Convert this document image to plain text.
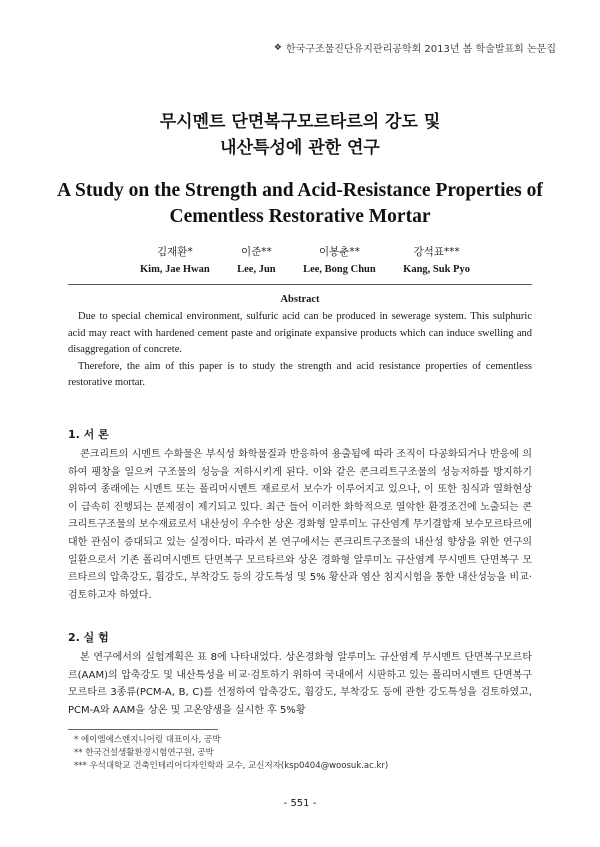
❖ 한국구조물진단유지관리공학회 2013년 봄 학술발표회 논문집
무시멘트 단면복구모르타르의 강도 및
내산특성에 관한 연구
A Study on the Strength and Acid-Resistance Properties of
Cementless Restorative Mortar
김재환*
Kim, Jae Hwan
이준**
Lee, Jun
이봉춘**
Lee, Bong Chun
강석표***
Kang, Suk Pyo
Abstract

Due to special chemical environment, sulfuric acid can be produced in sewerage system. This sulphuric acid may react with hardened cement paste and originate expansive products which can induce swelling and disaggregation of concrete.

Therefore, the aim of this paper is to study the strength and acid resistance properties of cementless restorative mortar.

1. 서 론

콘크리트의 시멘트 수화물은 부식성 화학물질과 반응하여 용출됨에 따라 조직이 다공화되거나 반응에 의하여 팽창을 일으켜 구조물의 성능을 저하시키게 된다. 이와 같은 콘크리트구조물의 성능저하를 방지하기 위하여 종래에는 시멘트 또는 폴리머시멘트 재료로서 보수가 이루어지고 있으나, 이 또한 침식과 열화현상이 급속히 진행되는 문제점이 제기되고 있다. 최근 들어 이러한 화학적으로 열악한 환경조건에 노출되는 콘크리트구조물의 보수재료로서 내산성이 우수한 상온 경화형 알루미노 규산염계 무기결합재 보수모르타르에 대한 관심이 증대되고 있는 실정이다. 따라서 본 연구에서는 콘크리트구조물의 내산성 향상을 위한 연구의 일환으로서 기존 폴리머시멘트 단면복구 모르타르와 상온 경화형 알루미노 규산염계 무시멘트 단면복구 모르타르의 압축강도, 휨강도, 부착강도 등의 강도특성 및 5% 황산과 염산 침지시험을 통한 내산성능을 비교·검토하고자 하였다.

2. 실 험

본 연구에서의 실험계획은 표 8에 나타내었다. 상온경화형 알루미노 규산염계 무시멘트 단면복구모르타르(AAM)의 압축강도 및 내산특성을 비교·검토하기 위하여 국내에서 시판하고 있는 폴리머시멘트 단면복구모르타르 3종류(PCM-A, B, C)를 선정하여 압축강도, 휨강도, 부착강도 등에 관한 강도특성을 검토하였고, PCM-A와 AAM을 상온 및 고온양생을 실시한 후 5%황

* 에이엠에스엔지니어링 대표이사, 공박
** 한국건설생활환경시험연구원, 공박
*** 우석대학교 건축인테리어디자인학과 교수, 교신저자(ksp0404@woosuk.ac.kr)
- 551 -
